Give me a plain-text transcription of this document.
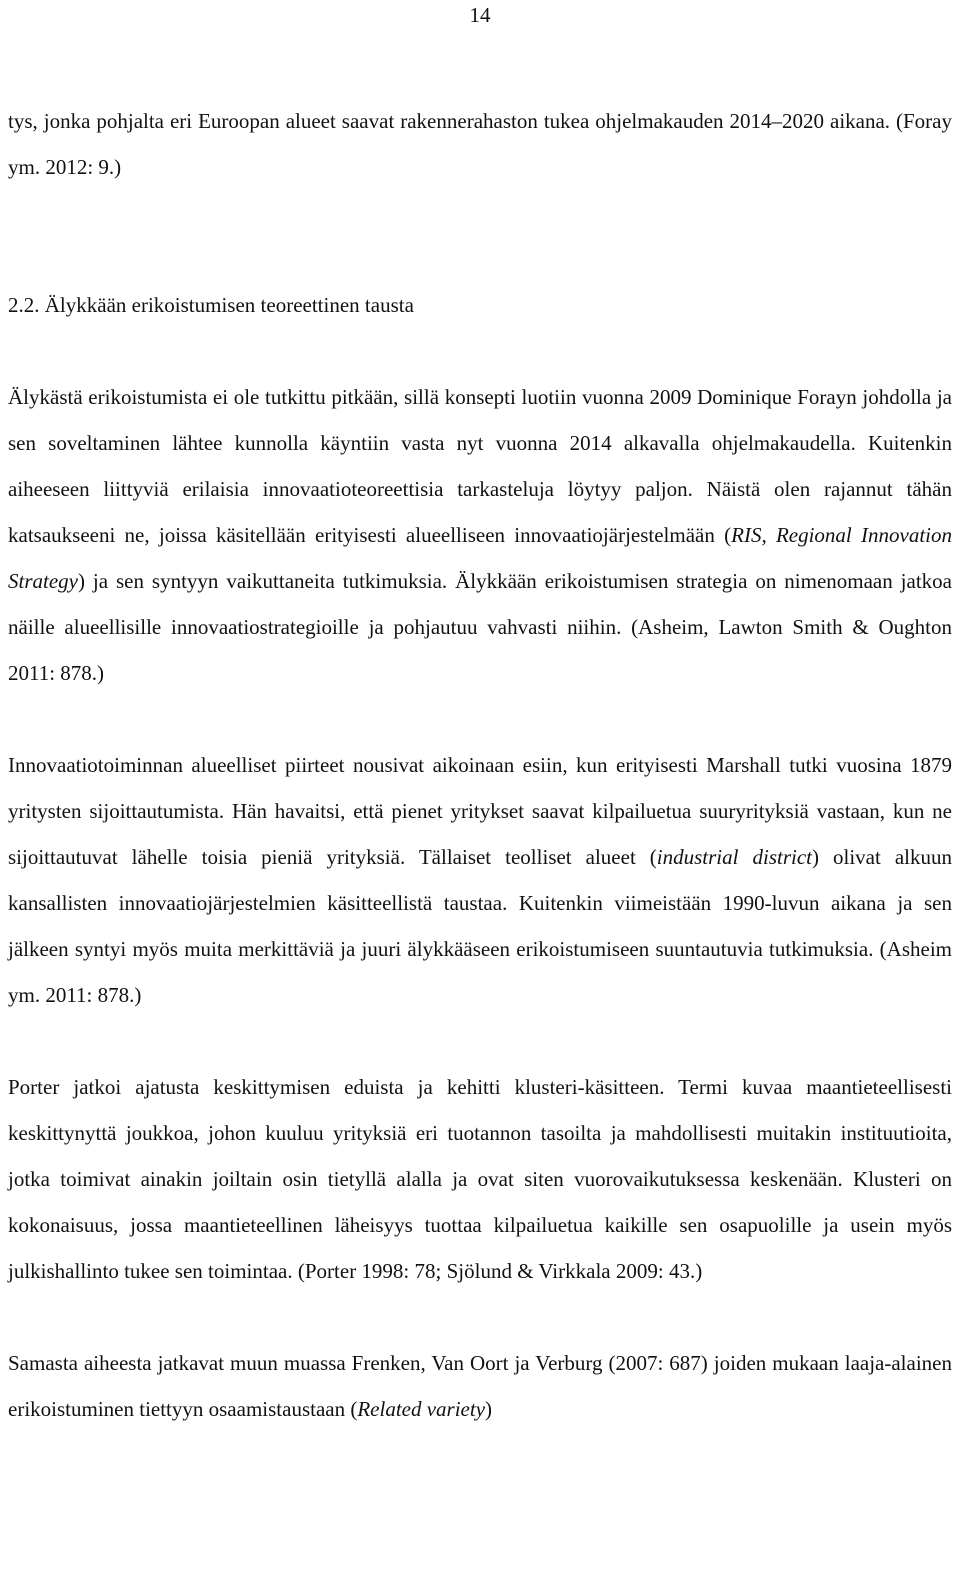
14

tys, jonka pohjalta eri Euroopan alueet saavat rakennerahaston tukea ohjelmakauden 2014–2020 aikana. (Foray ym. 2012: 9.)

2.2. Älykkään erikoistumisen teoreettinen tausta

Älykästä erikoistumista ei ole tutkittu pitkään, sillä konsepti luotiin vuonna 2009 Dominique Forayn johdolla ja sen soveltaminen lähtee kunnolla käyntiin vasta nyt vuonna 2014 alkavalla ohjelmakaudella. Kuitenkin aiheeseen liittyviä erilaisia innovaatioteoreettisia tarkasteluja löytyy paljon. Näistä olen rajannut tähän katsaukseeni ne, joissa käsitellään erityisesti alueelliseen innovaatiojärjestelmään (RIS, Regional Innovation Strategy) ja sen syntyyn vaikuttaneita tutkimuksia. Älykkään erikoistumisen strategia on nimenomaan jatkoa näille alueellisille innovaatiostrategioille ja pohjautuu vahvasti niihin. (Asheim, Lawton Smith & Oughton 2011: 878.)

Innovaatiotoiminnan alueelliset piirteet nousivat aikoinaan esiin, kun erityisesti Marshall tutki vuosina 1879 yritysten sijoittautumista. Hän havaitsi, että pienet yritykset saavat kilpailuetua suuryrityksiä vastaan, kun ne sijoittautuvat lähelle toisia pieniä yrityksiä. Tällaiset teolliset alueet (industrial district) olivat alkuun kansallisten innovaatiojärjestelmien käsitteellistä taustaa. Kuitenkin viimeistään 1990-luvun aikana ja sen jälkeen syntyi myös muita merkittäviä ja juuri älykkääseen erikoistumiseen suuntautuvia tutkimuksia. (Asheim ym. 2011: 878.)

Porter jatkoi ajatusta keskittymisen eduista ja kehitti klusteri-käsitteen. Termi kuvaa maantieteellisesti keskittynyttä joukkoa, johon kuuluu yrityksiä eri tuotannon tasoilta ja mahdollisesti muitakin instituutioita, jotka toimivat ainakin joiltain osin tietyllä alalla ja ovat siten vuorovaikutuksessa keskenään. Klusteri on kokonaisuus, jossa maantieteellinen läheisyys tuottaa kilpailuetua kaikille sen osapuolille ja usein myös julkishallinto tukee sen toimintaa. (Porter 1998: 78; Sjölund & Virkkala 2009: 43.)

Samasta aiheesta jatkavat muun muassa Frenken, Van Oort ja Verburg (2007: 687) joiden mukaan laaja-alainen erikoistuminen tiettyyn osaamistaustaan (Related variety)
